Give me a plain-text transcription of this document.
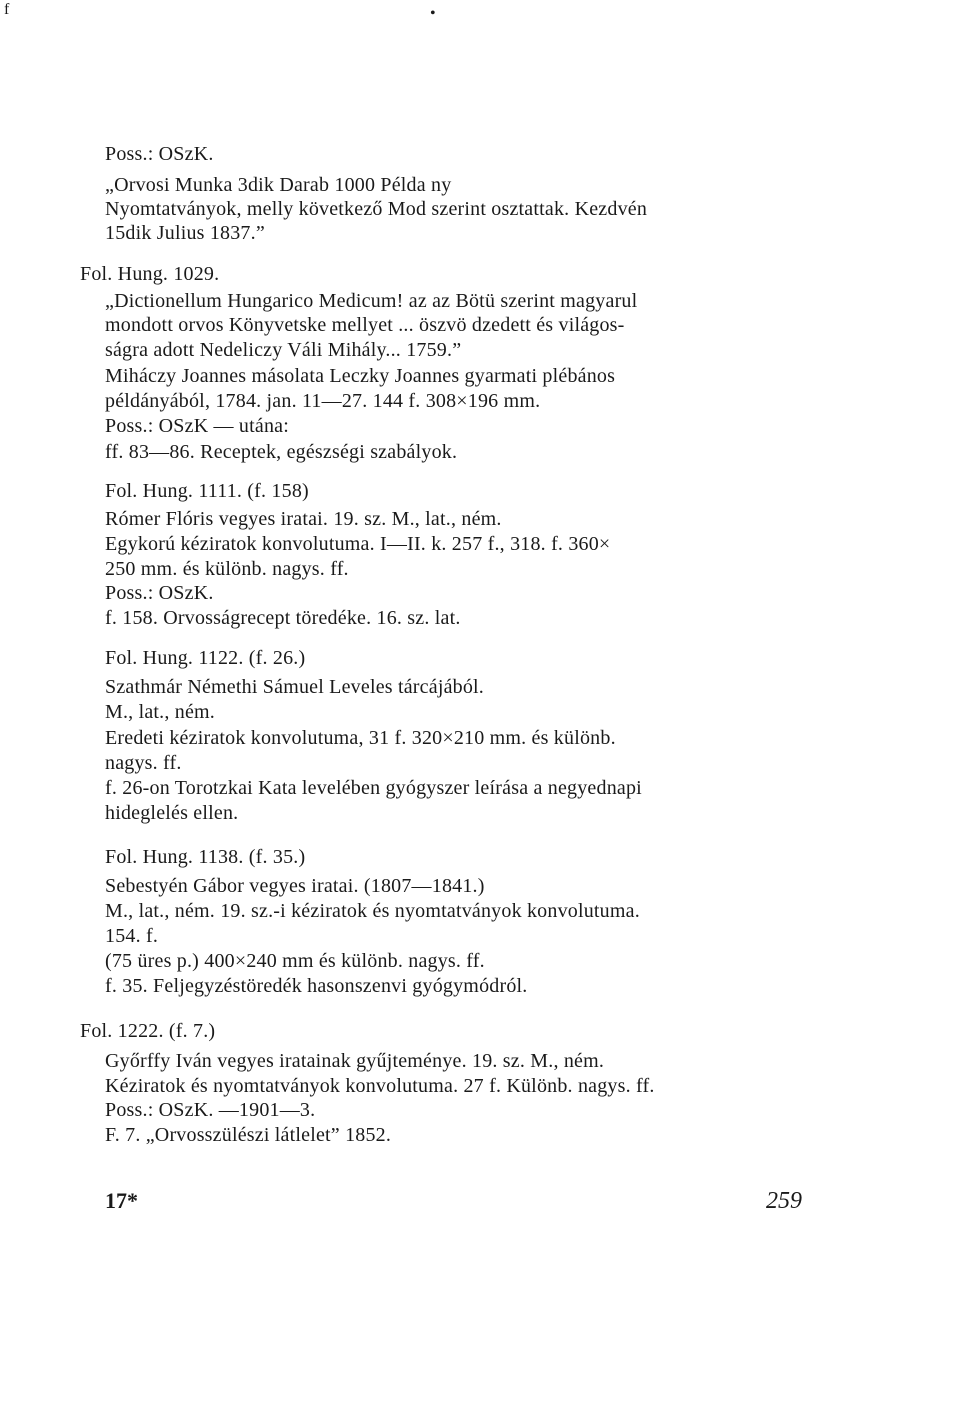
f	•
Poss.: OSzK.
„Orvosi Munka 3dik Darab 1000 Példa ny
Nyomtatványok, melly következő Mod szerint osztattak. Kezdvén
15dik Julius 1837.”
Fol. Hung. 1029.
„Dictionellum Hungarico Medicum! az az Bötü szerint magyarul
mondott orvos Könyvetske mellyet ... öszvö dzedett és világos-
ságra adott Nedeliczy Váli Mihály... 1759.”
Miháczy Joannes másolata Leczky Joannes gyarmati plébános
példányából, 1784. jan. 11—27. 144 f. 308×196 mm.
Poss.: OSzK — utána:
ff. 83—86. Receptek, egészségi szabályok.
Fol. Hung. 1111. (f. 158)
Rómer Flóris vegyes iratai. 19. sz. M., lat., ném.
Egykorú kéziratok konvolutuma. I—II. k. 257 f., 318. f. 360×
250 mm. és különb. nagys. ff.
Poss.: OSzK.
f. 158. Orvosságrecept töredéke. 16. sz. lat.
Fol. Hung. 1122. (f. 26.)
Szathmár Némethi Sámuel Leveles tárcájából.
M., lat., ném.
Eredeti kéziratok konvolutuma, 31 f. 320×210 mm. és különb.
nagys. ff.
f. 26-on Torotzkai Kata levelében gyógyszer leírása a negyednapi
hideglelés ellen.
Fol. Hung. 1138. (f. 35.)
Sebestyén Gábor vegyes iratai. (1807—1841.)
M., lat., ném. 19. sz.-i kéziratok és nyomtatványok konvolutuma.
154. f.
(75 üres p.) 400×240 mm és különb. nagys. ff.
f. 35. Feljegyzéstöredék hasonszenvi gyógymódról.
Fol. 1222. (f. 7.)
Győrffy Iván vegyes iratainak gyűjteménye. 19. sz. M., ném.
Kéziratok és nyomtatványok konvolutuma. 27 f. Különb. nagys. ff.
Poss.: OSzK. —1901—3.
F. 7. „Orvosszülészi látlelet” 1852.
17*	259
